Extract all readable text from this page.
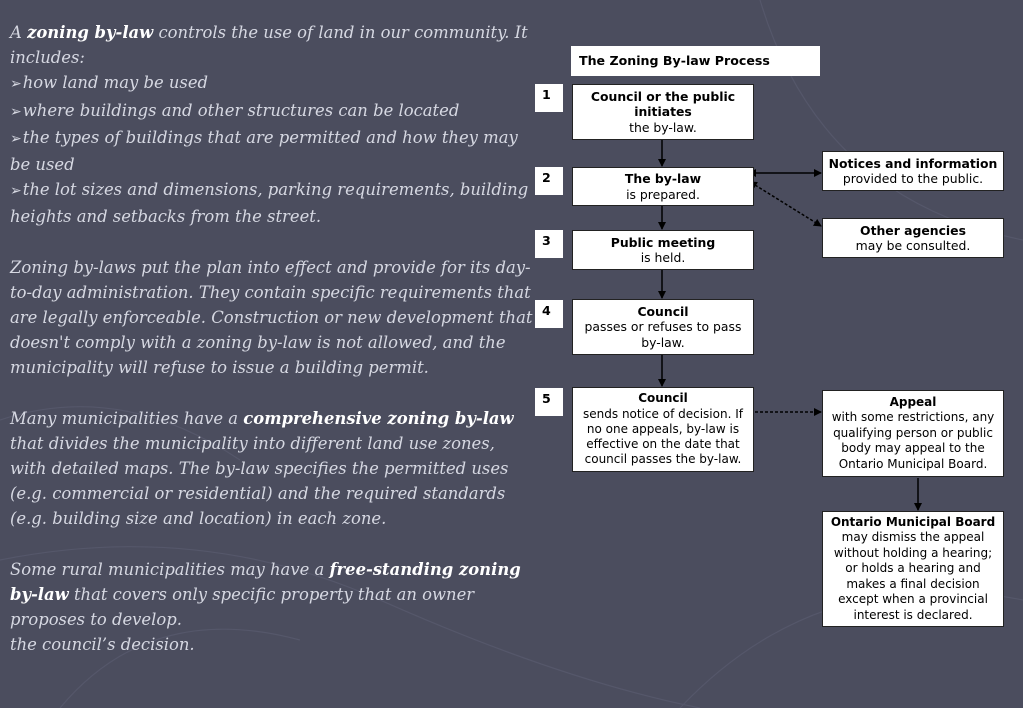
A zoning by-law controls the use of land in our community. It includes:

➢how land may be used

➢where buildings and other structures can be located

➢the types of buildings that are permitted and how they may be used

➢the lot sizes and dimensions, parking requirements, building heights and setbacks from the street.

Zoning by-laws put the plan into effect and provide for its day-to-day administration. They contain specific requirements that are legally enforceable. Construction or new development that doesn't comply with a zoning by-law is not allowed, and the municipality will refuse to issue a building permit.

Many municipalities have a comprehensive zoning by-law that divides the municipality into different land use zones, with detailed maps. The by-law specifies the permitted uses (e.g. commercial or residential) and the required standards (e.g. building size and location) in each zone.

Some rural municipalities may have a free-standing zoning by-law that covers only specific property that an owner proposes to develop.

the council’s decision.

The Zoning By-law Process
1
2
3
4
5
Council or the public initiates
the by-law.
The by-law
is prepared.
Public meeting
is held.
Council
passes or refuses to pass by-law.
Council
sends notice of decision. If no one appeals, by-law is effective on the date that council passes the by-law.
Notices and information
provided to the public.
Other agencies
may be consulted.
Appeal
with some restrictions, any qualifying person or public body may appeal to the Ontario Municipal Board.
Ontario Municipal Board
may dismiss the appeal without holding a hearing; or holds a hearing and makes a final decision except when a provincial interest is declared.
